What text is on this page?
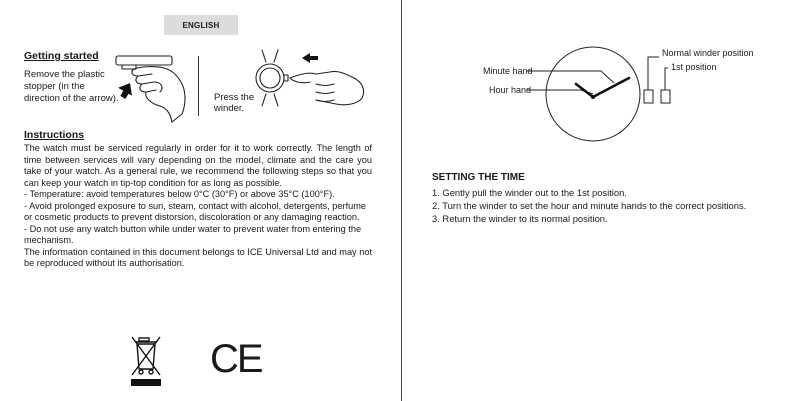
ENGLISH
Getting started
Remove the plastic stopper (in the direction of the arrow).	Press the winder.
Instructions

The watch must be serviced regularly in order for it to work correctly. The length of time between services will vary depending on the model, climate and the care you take of your watch. As a general rule, we recommend the following steps so that you can keep your watch in tip-top condition for as long as possible.

- Temperature: avoid temperatures below 0°C (30°F) or above 35°C (100°F).
- Avoid prolonged exposure to sun, steam, contact with alcohol, detergents, perfume or cosmetic products to prevent distorsion, discoloration or any damaging reaction.
- Do not use any watch button while under water to prevent water from entering the mechanism.

The information contained in this document belongs to ICE Universal Ltd and may not be reproduced without its authorisation.

CE
Minute hand
Hour hand
Normal winder position
1st position
SETTING THE TIME
1. Gently pull the winder out to the 1st position.
2. Turn the winder to set the hour and minute hands to the correct positions.
3. Return the winder to its normal position.
